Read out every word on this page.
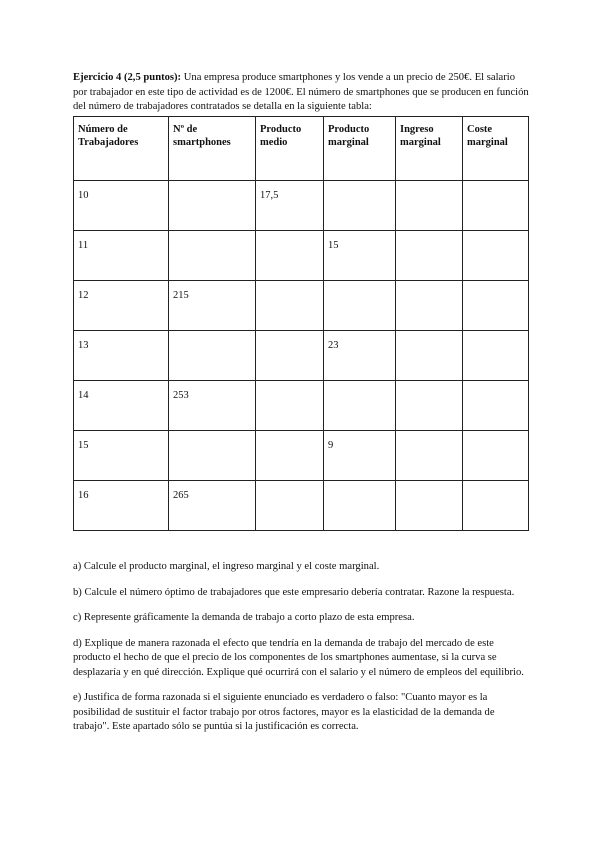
Ejercicio 4 (2,5 puntos): Una empresa produce smartphones y los vende a un precio de 250€. El salario por trabajador en este tipo de actividad es de 1200€. El número de smartphones que se producen en función del número de trabajadores contratados se detalla en la siguiente tabla:

Número de Trabajadores	Nº de smartphones	Producto medio	Producto marginal	Ingreso marginal	Coste marginal
10		17,5			
11			15		
12	215				
13			23		
14	253				
15			9		
16	265				

a) Calcule el producto marginal, el ingreso marginal y el coste marginal.

b) Calcule el número óptimo de trabajadores que este empresario debería contratar. Razone la respuesta.

c) Represente gráficamente la demanda de trabajo a corto plazo de esta empresa.

d) Explique de manera razonada el efecto que tendría en la demanda de trabajo del mercado de este producto el hecho de que el precio de los componentes de los smartphones aumentase, si la curva se desplazaría y en qué dirección. Explique qué ocurrirá con el salario y el número de empleos del equilibrio.

e) Justifica de forma razonada si el siguiente enunciado es verdadero o falso: "Cuanto mayor es la posibilidad de sustituir el factor trabajo por otros factores, mayor es la elasticidad de la demanda de trabajo". Este apartado sólo se puntúa si la justificación es correcta.
